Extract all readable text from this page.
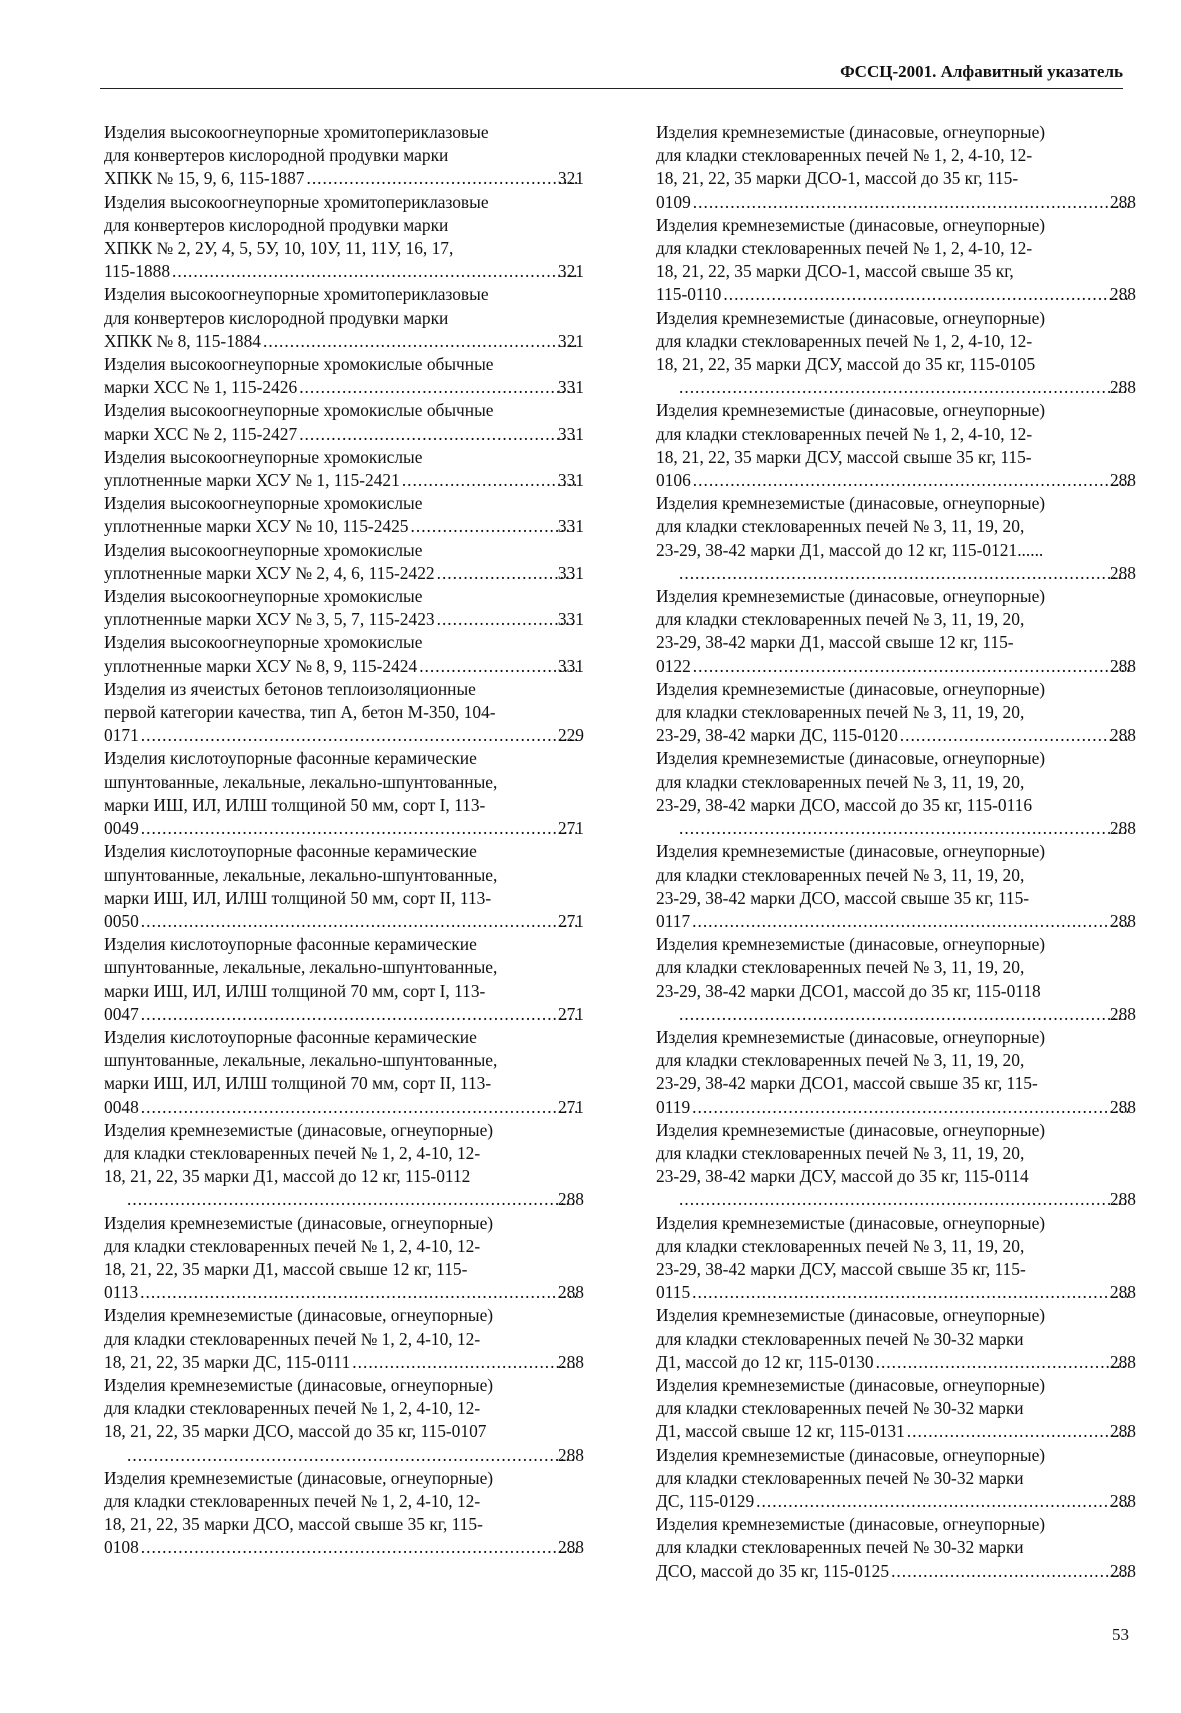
ФССЦ-2001. Алфавитный указатель
Изделия высокоогнеупорные хромитопериклазовые
для конвертеров кислородной продувки марки
ХПКК № 15, 9, 6, 115-1887 .....	321
Изделия высокоогнеупорные хромитопериклазовые
для конвертеров кислородной продувки марки
ХПКК № 2, 2У, 4, 5, 5У, 10, 10У, 11, 11У, 16, 17,
115-1888 .....	321
Изделия высокоогнеупорные хромитопериклазовые
для конвертеров кислородной продувки марки
ХПКК № 8, 115-1884 .....	321
Изделия высокоогнеупорные хромокислые обычные
марки ХСС № 1, 115-2426 .....	331
Изделия высокоогнеупорные хромокислые обычные
марки ХСС № 2, 115-2427 .....	331
Изделия высокоогнеупорные хромокислые
уплотненные марки ХСУ № 1, 115-2421 .....	331
Изделия высокоогнеупорные хромокислые
уплотненные марки ХСУ № 10, 115-2425 .....	331
Изделия высокоогнеупорные хромокислые
уплотненные марки ХСУ № 2, 4, 6, 115-2422 .....	331
Изделия высокоогнеупорные хромокислые
уплотненные марки ХСУ № 3, 5, 7, 115-2423 .....	331
Изделия высокоогнеупорные хромокислые
уплотненные марки ХСУ № 8, 9, 115-2424 .....	331
Изделия из ячеистых бетонов теплоизоляционные
первой категории качества, тип А, бетон М-350, 104-
0171 .....	229
Изделия кислотоупорные фасонные керамические
шпунтованные, лекальные, лекально-шпунтованные,
марки ИШ, ИЛ, ИЛШ толщиной 50 мм, сорт I, 113-
0049 .....	271
Изделия кислотоупорные фасонные керамические
шпунтованные, лекальные, лекально-шпунтованные,
марки ИШ, ИЛ, ИЛШ толщиной 50 мм, сорт II, 113-
0050 .....	271
Изделия кислотоупорные фасонные керамические
шпунтованные, лекальные, лекально-шпунтованные,
марки ИШ, ИЛ, ИЛШ толщиной 70 мм, сорт I, 113-
0047 .....	271
Изделия кислотоупорные фасонные керамические
шпунтованные, лекальные, лекально-шпунтованные,
марки ИШ, ИЛ, ИЛШ толщиной 70 мм, сорт II, 113-
0048 .....	271
Изделия кремнеземистые (динасовые, огнеупорные)
для кладки стекловаренных печей № 1, 2, 4-10, 12-
18, 21, 22, 35 марки Д1, массой до 12 кг, 115-0112
.....
288
Изделия кремнеземистые (динасовые, огнеупорные)
для кладки стекловаренных печей № 1, 2, 4-10, 12-
18, 21, 22, 35 марки Д1, массой свыше 12 кг, 115-
0113 .....	288
Изделия кремнеземистые (динасовые, огнеупорные)
для кладки стекловаренных печей № 1, 2, 4-10, 12-
18, 21, 22, 35 марки ДС, 115-0111 .....	288
Изделия кремнеземистые (динасовые, огнеупорные)
для кладки стекловаренных печей № 1, 2, 4-10, 12-
18, 21, 22, 35 марки ДСО, массой до 35 кг, 115-0107
.....
288
Изделия кремнеземистые (динасовые, огнеупорные)
для кладки стекловаренных печей № 1, 2, 4-10, 12-
18, 21, 22, 35 марки ДСО, массой свыше 35 кг, 115-
0108 .....	288
Изделия кремнеземистые (динасовые, огнеупорные)
для кладки стекловаренных печей № 1, 2, 4-10, 12-
18, 21, 22, 35 марки ДСО-1, массой до 35 кг, 115-
0109 .....	288
Изделия кремнеземистые (динасовые, огнеупорные)
для кладки стекловаренных печей № 1, 2, 4-10, 12-
18, 21, 22, 35 марки ДСО-1, массой свыше 35 кг,
115-0110 .....	288
Изделия кремнеземистые (динасовые, огнеупорные)
для кладки стекловаренных печей № 1, 2, 4-10, 12-
18, 21, 22, 35 марки ДСУ, массой до 35 кг, 115-0105
.....
288
Изделия кремнеземистые (динасовые, огнеупорные)
для кладки стекловаренных печей № 1, 2, 4-10, 12-
18, 21, 22, 35 марки ДСУ, массой свыше 35 кг, 115-
0106 .....	288
Изделия кремнеземистые (динасовые, огнеупорные)
для кладки стекловаренных печей № 3, 11, 19, 20,
23-29, 38-42 марки Д1, массой до 12 кг, 115-0121......
.....
288
Изделия кремнеземистые (динасовые, огнеупорные)
для кладки стекловаренных печей № 3, 11, 19, 20,
23-29, 38-42 марки Д1, массой свыше 12 кг, 115-
0122 .....	288
Изделия кремнеземистые (динасовые, огнеупорные)
для кладки стекловаренных печей № 3, 11, 19, 20,
23-29, 38-42 марки ДС, 115-0120 .....	288
Изделия кремнеземистые (динасовые, огнеупорные)
для кладки стекловаренных печей № 3, 11, 19, 20,
23-29, 38-42 марки ДСО, массой до 35 кг, 115-0116
.....
288
Изделия кремнеземистые (динасовые, огнеупорные)
для кладки стекловаренных печей № 3, 11, 19, 20,
23-29, 38-42 марки ДСО, массой свыше 35 кг, 115-
0117 .....	288
Изделия кремнеземистые (динасовые, огнеупорные)
для кладки стекловаренных печей № 3, 11, 19, 20,
23-29, 38-42 марки ДСО1, массой до 35 кг, 115-0118
.....
288
Изделия кремнеземистые (динасовые, огнеупорные)
для кладки стекловаренных печей № 3, 11, 19, 20,
23-29, 38-42 марки ДСО1, массой свыше 35 кг, 115-
0119 .....	288
Изделия кремнеземистые (динасовые, огнеупорные)
для кладки стекловаренных печей № 3, 11, 19, 20,
23-29, 38-42 марки ДСУ, массой до 35 кг, 115-0114
.....
288
Изделия кремнеземистые (динасовые, огнеупорные)
для кладки стекловаренных печей № 3, 11, 19, 20,
23-29, 38-42 марки ДСУ, массой свыше 35 кг, 115-
0115 .....	288
Изделия кремнеземистые (динасовые, огнеупорные)
для кладки стекловаренных печей № 30-32 марки
Д1, массой до 12 кг, 115-0130 .....	288
Изделия кремнеземистые (динасовые, огнеупорные)
для кладки стекловаренных печей № 30-32 марки
Д1, массой свыше 12 кг, 115-0131 .....	288
Изделия кремнеземистые (динасовые, огнеупорные)
для кладки стекловаренных печей № 30-32 марки
ДС, 115-0129 .....	288
Изделия кремнеземистые (динасовые, огнеупорные)
для кладки стекловаренных печей № 30-32 марки
ДСО, массой до 35 кг, 115-0125 .....	288
53
